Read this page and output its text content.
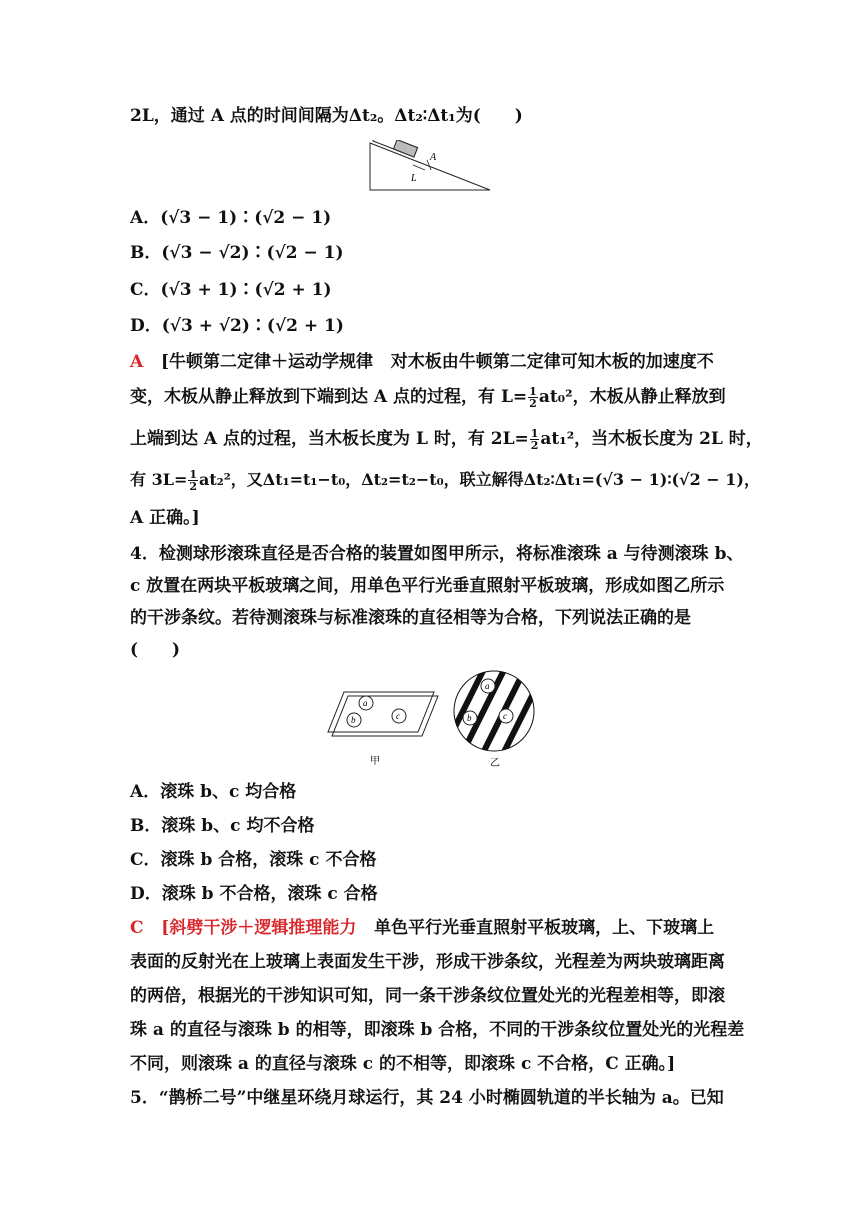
2L，通过 A 点的时间间隔为Δt₂。Δt₂∶Δt₁为(　　)
A
L
A．(√3 − 1)∶(√2 − 1)
B．(√3 − √2)∶(√2 − 1)
C．(√3 + 1)∶(√2 + 1)
D．(√3 + √2)∶(√2 + 1)
A [牛顿第二定律＋运动学规律 对木板由牛顿第二定律可知木板的加速度不
变，木板从静止释放到下端到达 A 点的过程，有 $L= \frac{1}{2} at_0^2$，木板从静止释放到
上端到达 A 点的过程，当木板长度为 L 时，有 $2L= \frac{1}{2} at_1^2$，当木板长度为 2L 时，
有 $3L= \frac{1}{2} at_2^2$，又Δt₁=t₁−t₀，Δt₂=t₂−t₀，联立解得Δt₂∶Δt₁=(√3 − 1)∶(√2 − 1)，
A 正确。]
4．检测球形滚珠直径是否合格的装置如图甲所示，将标准滚珠 a 与待测滚珠 b、
c 放置在两块平板玻璃之间，用单色平行光垂直照射平板玻璃，形成如图乙所示
的干涉条纹。若待测滚珠与标准滚珠的直径相等为合格，下列说法正确的是
(　　)
a
b	c
甲
a
b	c
乙
A．滚珠 b、c 均合格
B．滚珠 b、c 均不合格
C．滚珠 b 合格，滚珠 c 不合格
D．滚珠 b 不合格，滚珠 c 合格
C [斜劈干涉＋逻辑推理能力 单色平行光垂直照射平板玻璃，上、下玻璃上
表面的反射光在上玻璃上表面发生干涉，形成干涉条纹，光程差为两块玻璃距离
的两倍，根据光的干涉知识可知，同一条干涉条纹位置处光的光程差相等，即滚
珠 a 的直径与滚珠 b 的相等，即滚珠 b 合格，不同的干涉条纹位置处光的光程差
不同，则滚珠 a 的直径与滚珠 c 的不相等，即滚珠 c 不合格，C 正确。]
5．“鹊桥二号”中继星环绕月球运行，其 24 小时椭圆轨道的半长轴为 a。已知
